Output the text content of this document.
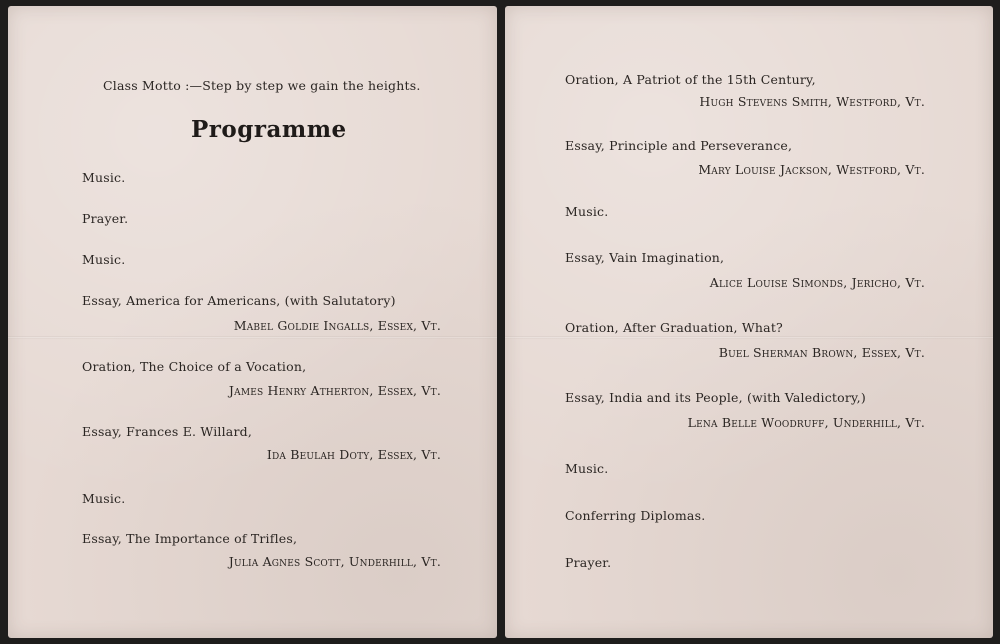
Class Motto :—Step by step we gain the heights.
Programme
Music.
Prayer.
Music.
Essay, America for Americans, (with Salutatory)
Mabel Goldie Ingalls, Essex, Vt.
Oration, The Choice of a Vocation,
James Henry Atherton, Essex, Vt.
Essay, Frances E. Willard,
Ida Beulah Doty, Essex, Vt.
Music.
Essay, The Importance of Trifles,
Julia Agnes Scott, Underhill, Vt.
Oration, A Patriot of the 15th Century,
Hugh Stevens Smith, Westford, Vt.
Essay, Principle and Perseverance,
Mary Louise Jackson, Westford, Vt.
Music.
Essay, Vain Imagination,
Alice Louise Simonds, Jericho, Vt.
Oration, After Graduation, What?
Buel Sherman Brown, Essex, Vt.
Essay, India and its People, (with Valedictory,)
Lena Belle Woodruff, Underhill, Vt.
Music.
Conferring Diplomas.
Prayer.
